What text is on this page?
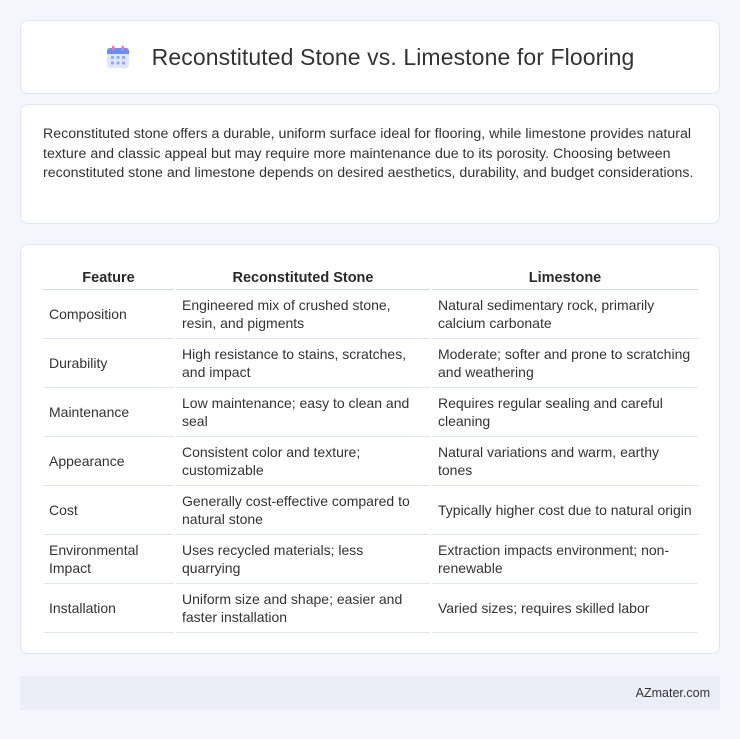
Reconstituted Stone vs. Limestone for Flooring

Reconstituted stone offers a durable, uniform surface ideal for flooring, while limestone provides natural texture and classic appeal but may require more maintenance due to its porosity. Choosing between reconstituted stone and limestone depends on desired aesthetics, durability, and budget considerations.

Feature	Reconstituted Stone	Limestone
Composition	Engineered mix of crushed stone, resin, and pigments	Natural sedimentary rock, primarily calcium carbonate
Durability	High resistance to stains, scratches, and impact	Moderate; softer and prone to scratching and weathering
Maintenance	Low maintenance; easy to clean and seal	Requires regular sealing and careful cleaning
Appearance	Consistent color and texture; customizable	Natural variations and warm, earthy tones
Cost	Generally cost-effective compared to natural stone	Typically higher cost due to natural origin
Environmental Impact	Uses recycled materials; less quarrying	Extraction impacts environment; non-renewable
Installation	Uniform size and shape; easier and faster installation	Varied sizes; requires skilled labor
AZmater.com
